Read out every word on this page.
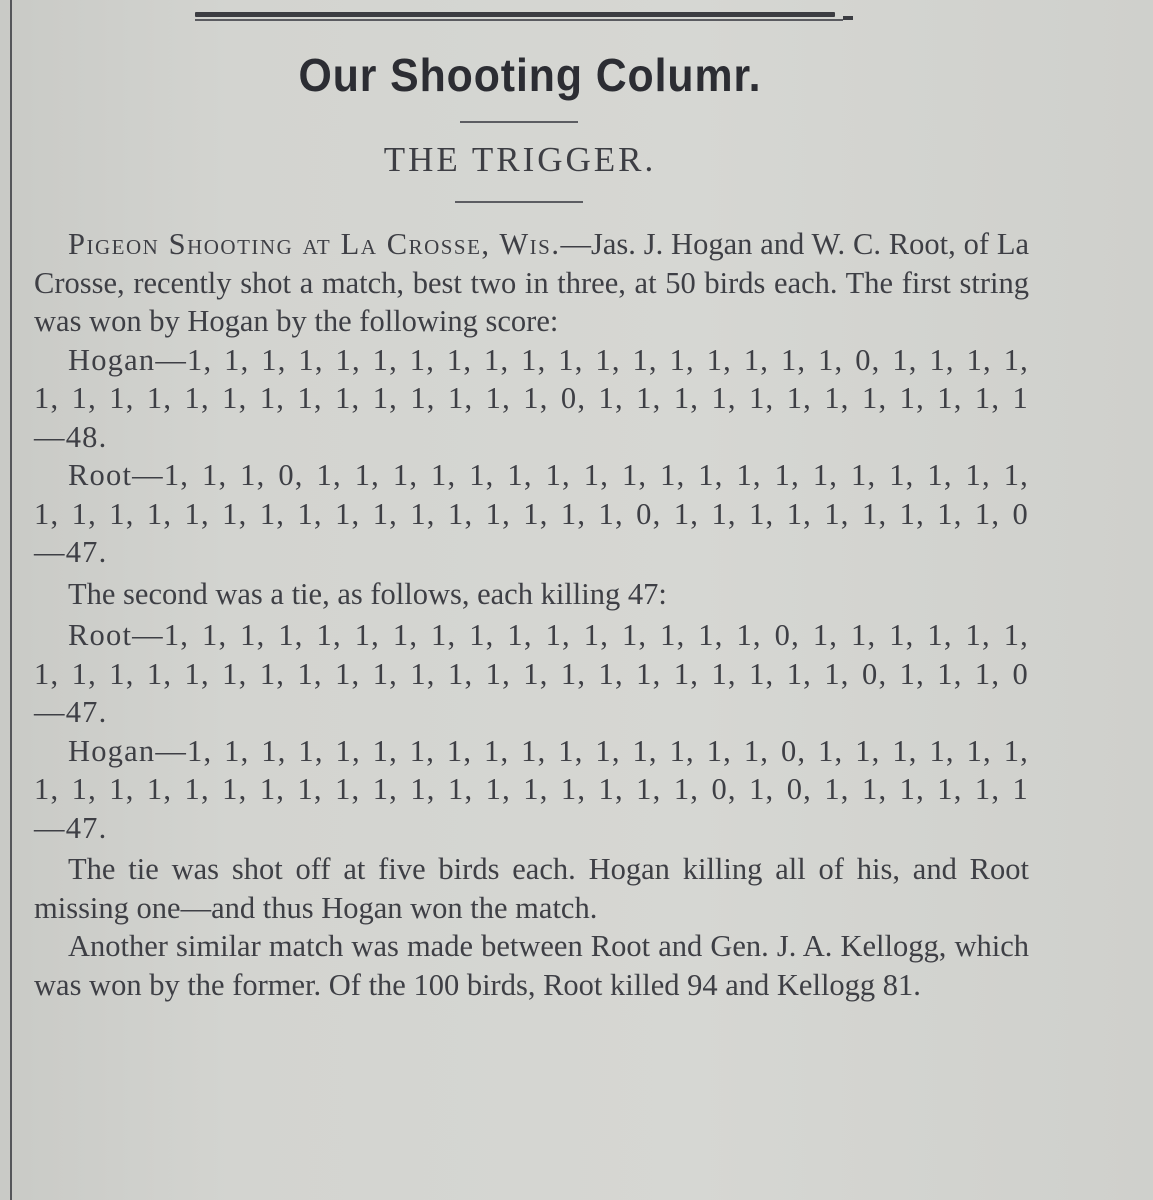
Our Shooting Columr.
THE TRIGGER.

Pigeon Shooting at La Crosse, Wis.—Jas. J. Hogan and W. C. Root, of La Crosse, recently shot a match, best two in three, at 50 birds each. The first string was won by Hogan by the following score:

Hogan—1, 1, 1, 1, 1, 1, 1, 1, 1, 1, 1, 1, 1, 1, 1, 1, 1, 1, 0, 1, 1, 1, 1, 1, 1, 1, 1, 1, 1, 1, 1, 1, 1, 1, 1, 1, 1, 0, 1, 1, 1, 1, 1, 1, 1, 1, 1, 1, 1, 1—48.

Root—1, 1, 1, 0, 1, 1, 1, 1, 1, 1, 1, 1, 1, 1, 1, 1, 1, 1, 1, 1, 1, 1, 1, 1, 1, 1, 1, 1, 1, 1, 1, 1, 1, 1, 1, 1, 1, 1, 1, 0, 1, 1, 1, 1, 1, 1, 1, 1, 1, 0—47.

The second was a tie, as follows, each killing 47:

Root—1, 1, 1, 1, 1, 1, 1, 1, 1, 1, 1, 1, 1, 1, 1, 1, 0, 1, 1, 1, 1, 1, 1, 1, 1, 1, 1, 1, 1, 1, 1, 1, 1, 1, 1, 1, 1, 1, 1, 1, 1, 1, 1, 1, 1, 0, 1, 1, 1, 0—47.

Hogan—1, 1, 1, 1, 1, 1, 1, 1, 1, 1, 1, 1, 1, 1, 1, 1, 0, 1, 1, 1, 1, 1, 1, 1, 1, 1, 1, 1, 1, 1, 1, 1, 1, 1, 1, 1, 1, 1, 1, 1, 1, 0, 1, 0, 1, 1, 1, 1, 1, 1—47.

The tie was shot off at five birds each. Hogan killing all of his, and Root missing one—and thus Hogan won the match.

Another similar match was made between Root and Gen. J. A. Kellogg, which was won by the former. Of the 100 birds, Root killed 94 and Kellogg 81.
